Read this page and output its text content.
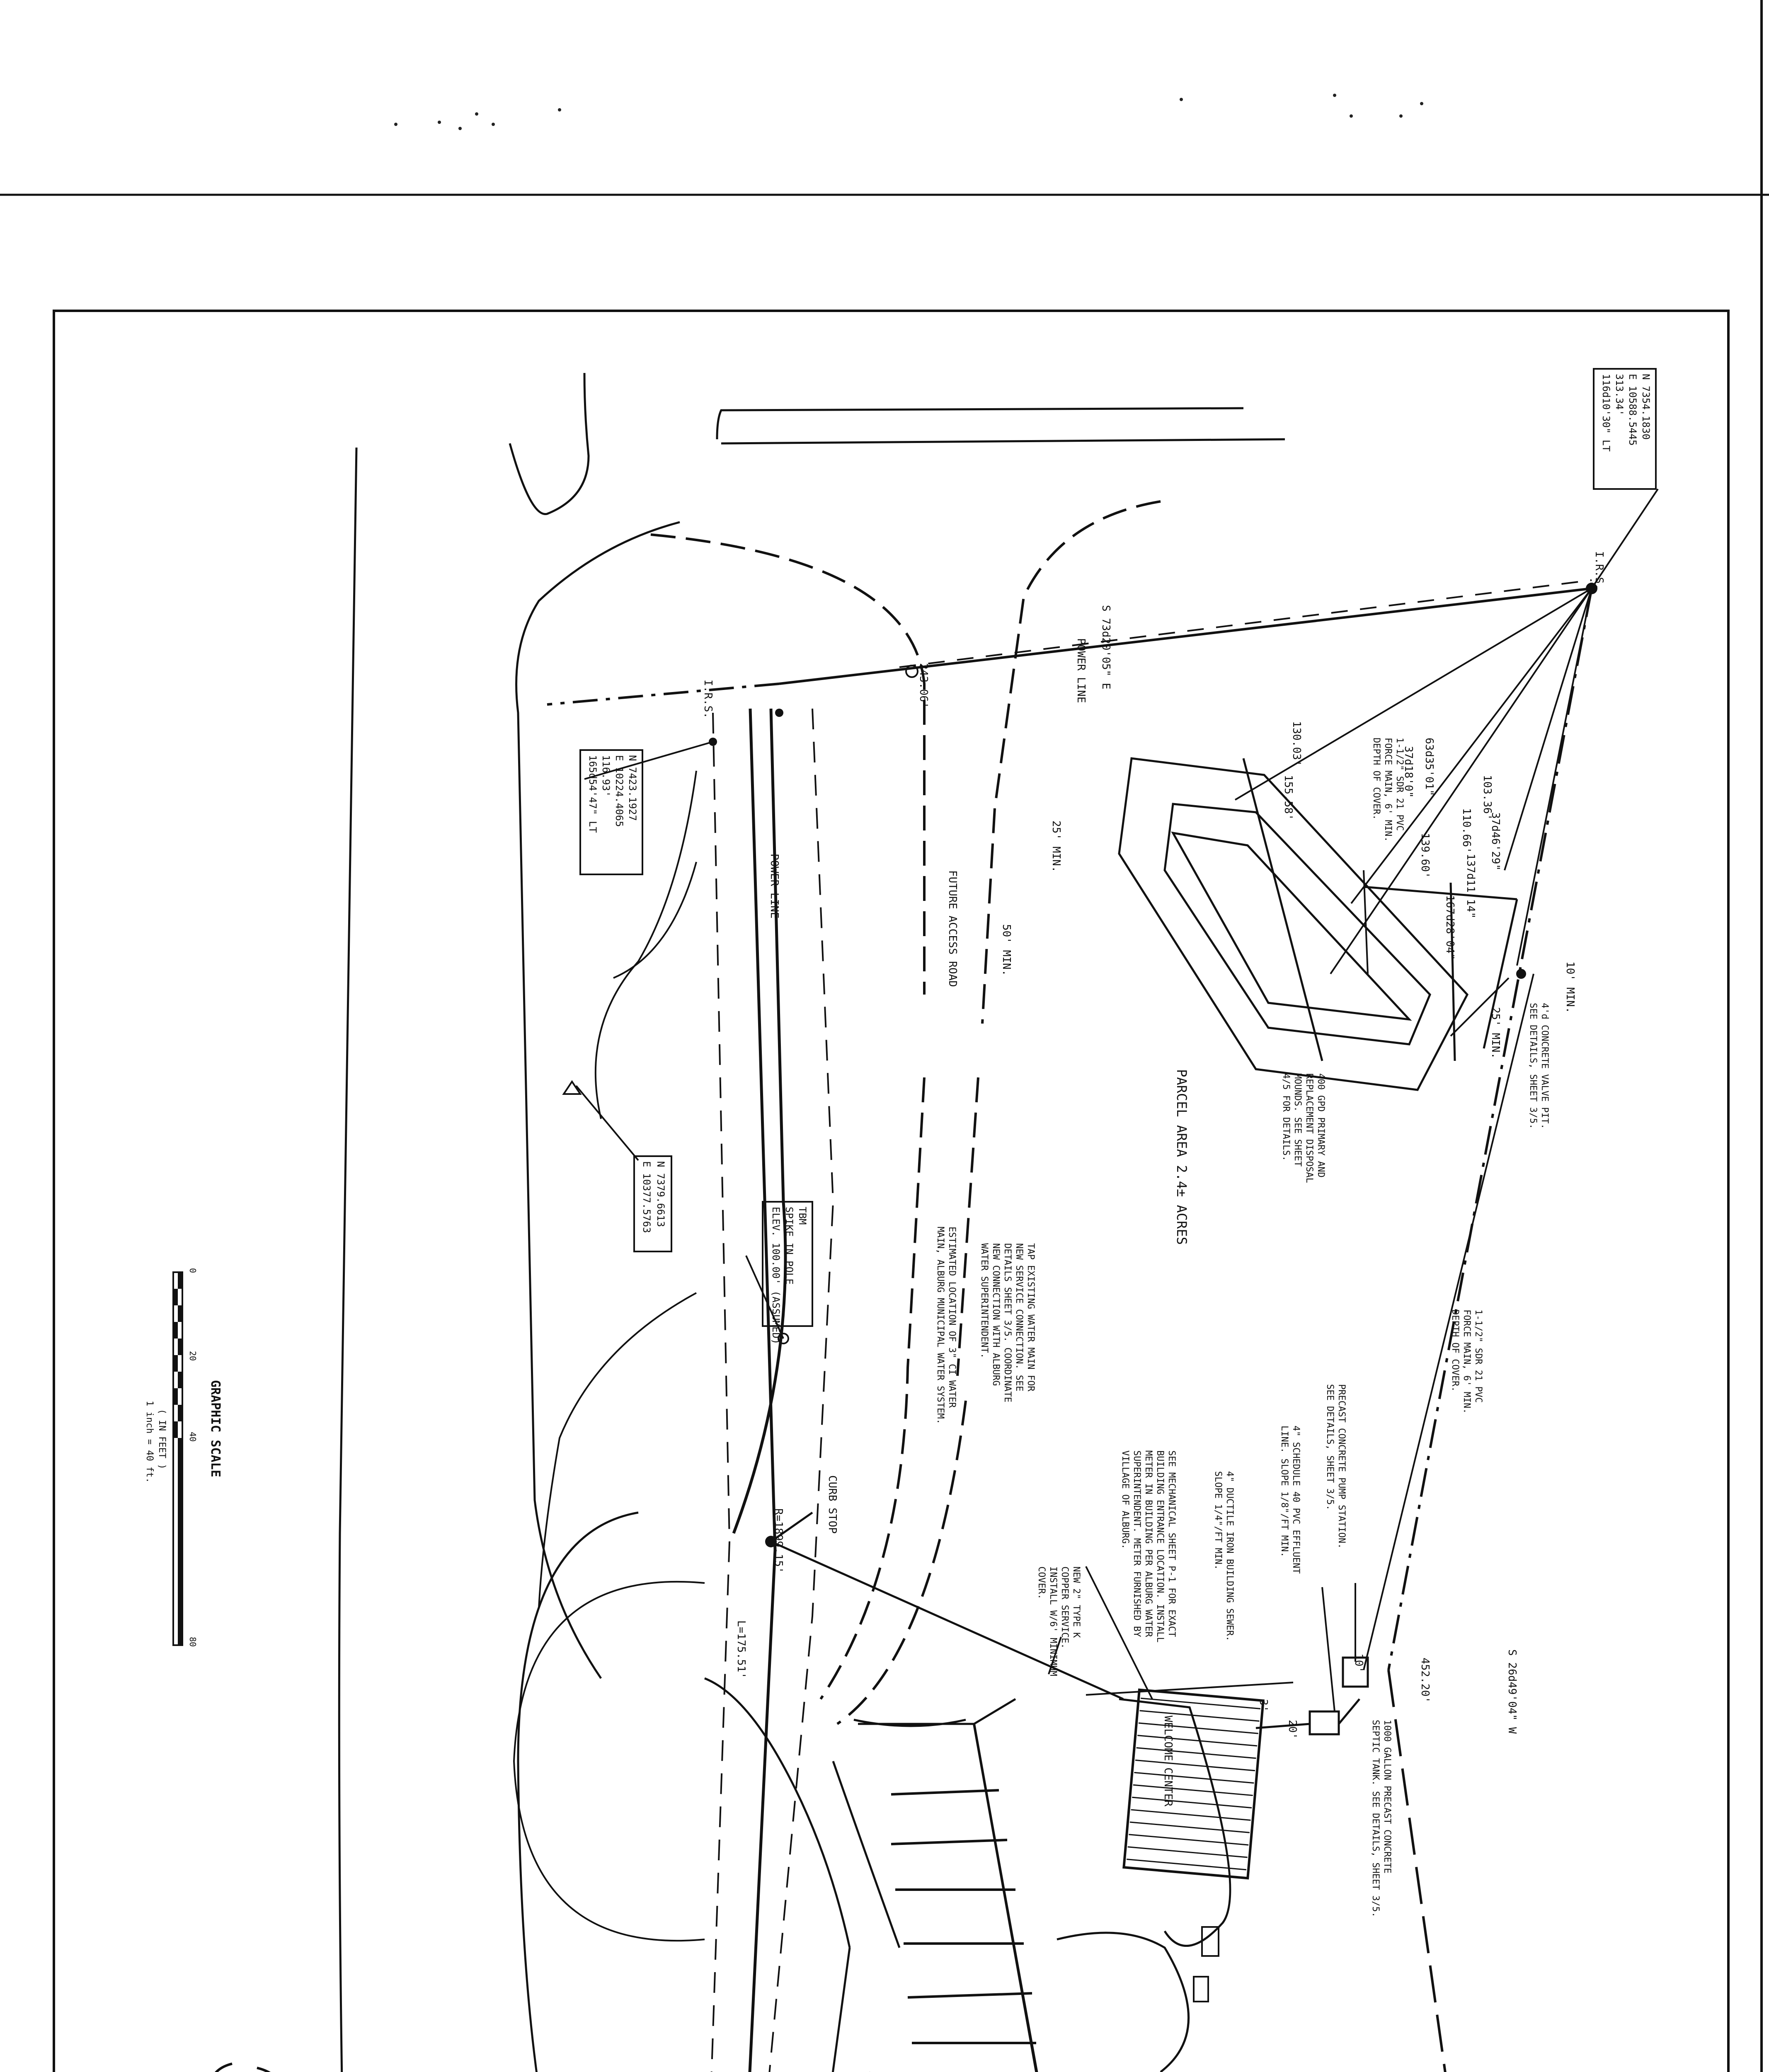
POWER LINE
POWER LINE	FUTURE ACCESS ROAD
PARCEL AREA 2.4± ACRES
WELCOME CENTER
CURB STOP
I.R.S.
I.R.S.
S 73d20'05" E
243.06'
S 26d49'04" W
452.20'
R=1899.15'
L=175.51'
25' MIN.
50' MIN.
10' MIN.
25' MIN.
10'
3'
20'
130.03'
155.58'	103.36'
110.66'
139.60'
63d35'01"
37d18'0"
37d46'29"
137d11'14"
167d28'04"
N 7354.1830
E 10588.5445
313.34'
116d10'30" LT
N 7423.1927
E 10224.4065
116.93'
165d54'47" LT
N 7379.6613
E 10377.5763	TBM
SPIKE IN POLE
ELEV. 100.00' (ASSUMED)
1-1/2" SDR 21 PVC
FORCE MAIN, 6' MIN.
DEPTH OF COVER.
1-1/2" SDR 21 PVC
FORCE MAIN, 6' MIN.
DEPTH OF COVER.
400 GPD PRIMARY AND
REPLACEMENT DISPOSAL
MOUNDS. SEE SHEET
4/5 FOR DETAILS.	4'd CONCRETE VALVE PIT.
SEE DETAILS, SHEET 3/5.
PRECAST CONCRETE PUMP STATION.
SEE DETAILS, SHEET 3/5.
4" SCHEDULE 40 PVC EFFLUENT
LINE. SLOPE 1/8"/FT MIN.
4" DUCTILE IRON BUILDING SEWER.
SLOPE 1/4"/FT MIN.
SEE MECHANICAL SHEET P-1 FOR EXACT
BUILDING ENTRANCE LOCATION. INSTALL
METER IN BUILDING PER ALBURG WATER
SUPERINTENDENT. METER FURNISHED BY
VILLAGE OF ALBURG.
NEW 2" TYPE K
COPPER SERVICE.
INSTALL W/6' MINIMUM
COVER.
TAP EXISTING WATER MAIN FOR
NEW SERVICE CONNECTION. SEE
DETAILS SHEET 3/5. COORDINATE
NEW CONNECTION WITH ALBURG
WATER SUPERINTENDENT.
ESTIMATED LOCATION OF 3" CI WATER
MAIN, ALBURG MUNICIPAL WATER SYSTEM.
1000 GALLON PRECAST CONCRETE
SEPTIC TANK. SEE DETAILS, SHEET 3/5.
GRAPHIC SCALE
0
20
40
80
( IN FEET )
1 inch = 40 ft.
